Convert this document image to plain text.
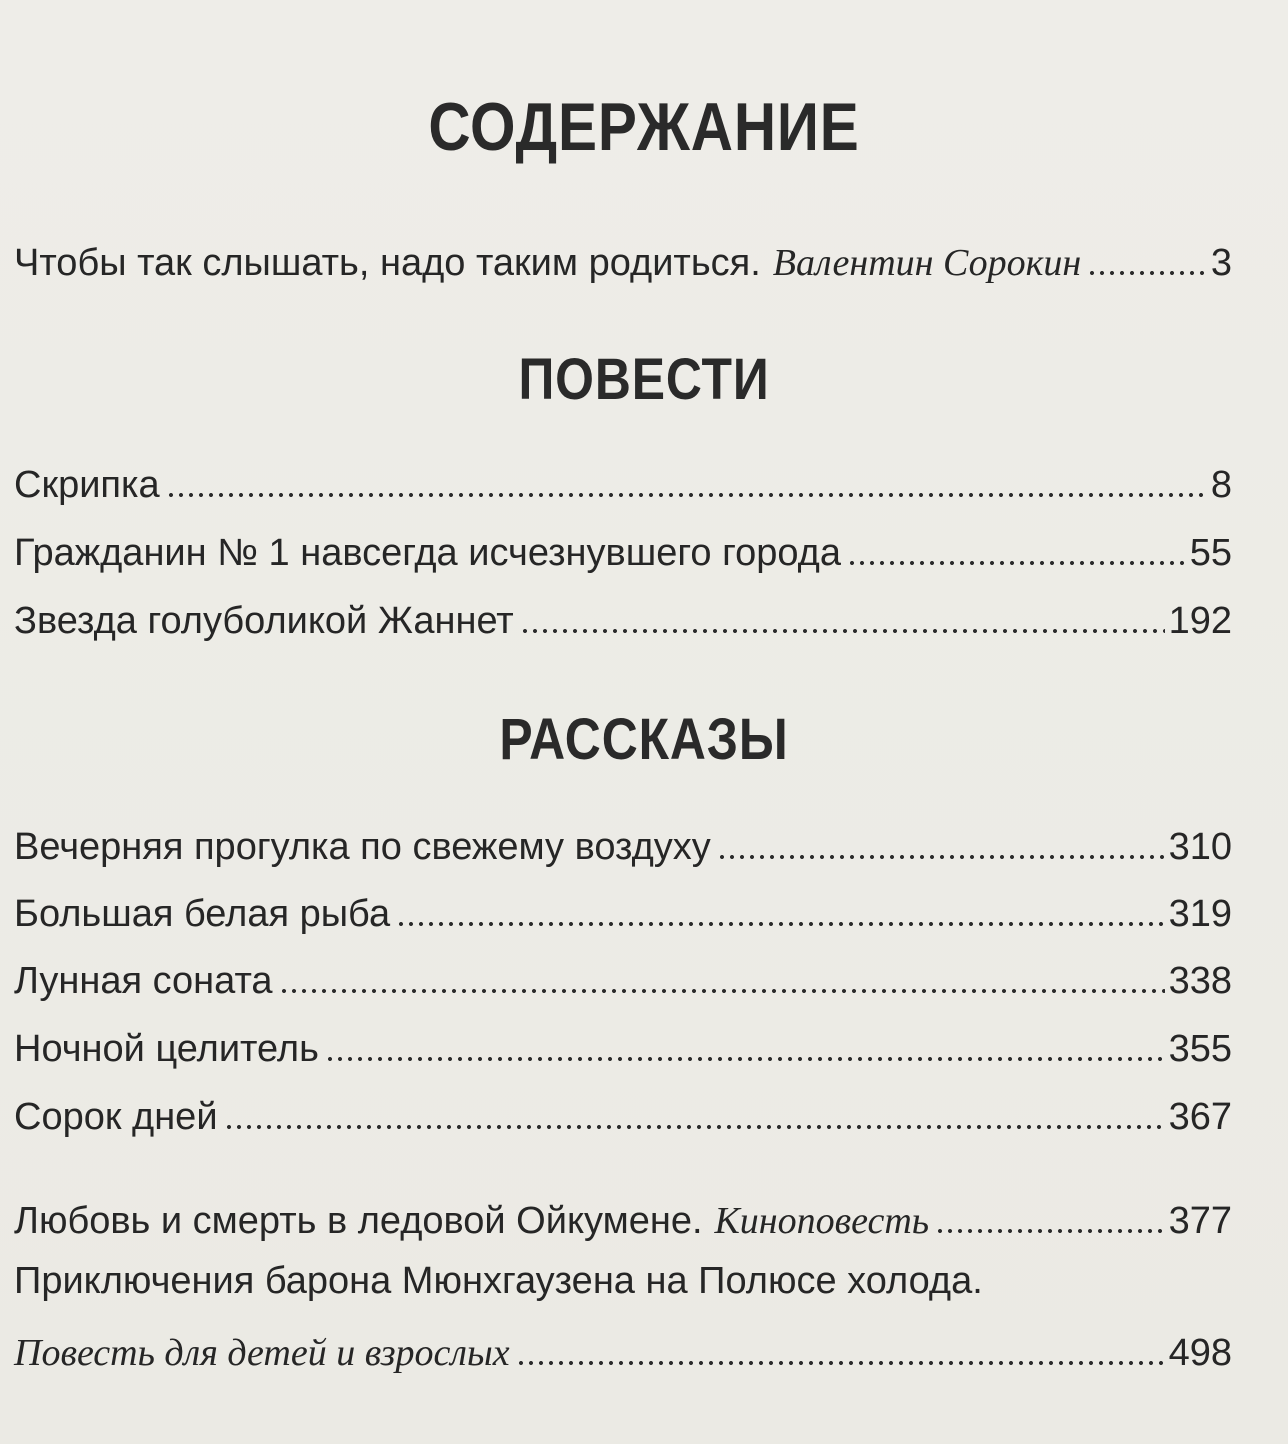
СОДЕРЖАНИЕ
Чтобы так слышать, надо таким родиться. Валентин Сорокин	3
ПОВЕСТИ
Скрипка	8
Гражданин № 1 навсегда исчезнувшего города	55
Звезда голуболикой Жаннет	192
РАССКАЗЫ
Вечерняя прогулка по свежему воздуху	310
Большая белая рыба	319
Лунная соната	338
Ночной целитель	355
Сорок дней	367
Любовь и смерть в ледовой Ойкумене. Киноповесть	377
Приключения барона Мюнхгаузена на Полюсе холода.
Повесть для детей и взрослых	498
